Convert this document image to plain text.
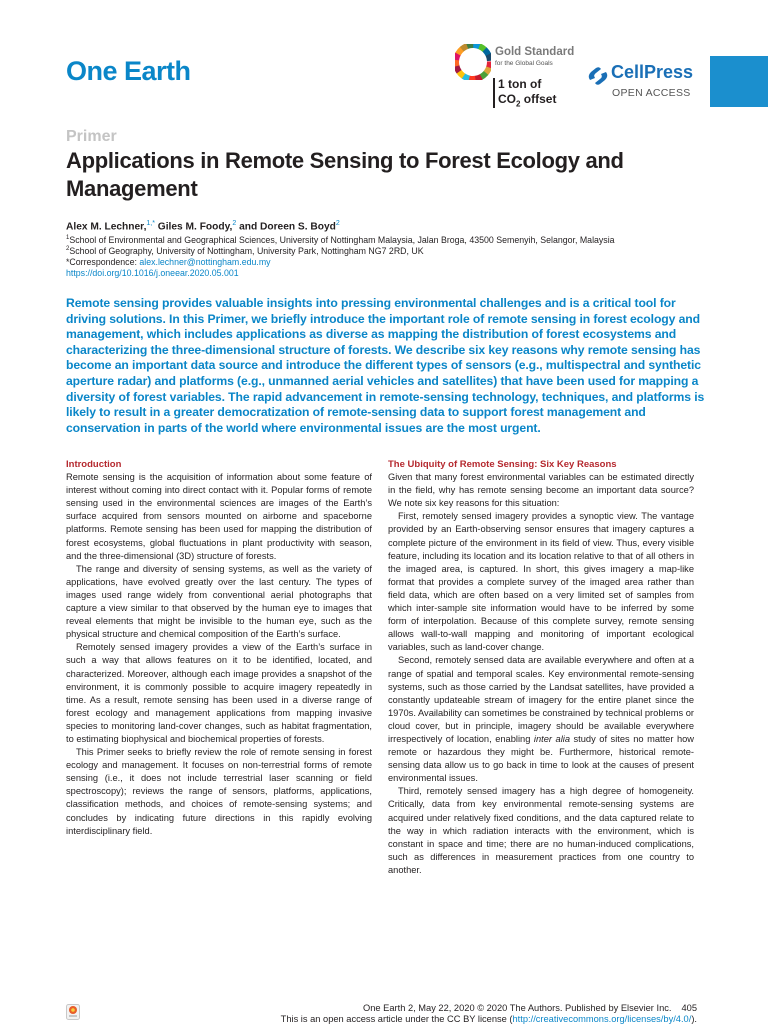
One Earth
Gold Standard
for the Global Goals
1 ton of
$CO_2$ offset
CellPress
OPEN ACCESS
Primer
Applications in Remote Sensing to Forest Ecology and Management
Alex M. Lechner,$^{1,*}$ Giles M. Foody,$^2$ and Doreen S. Boyd$^2$
$^1$School of Environmental and Geographical Sciences, University of Nottingham Malaysia, Jalan Broga, 43500 Semenyih, Selangor, Malaysia
$^2$School of Geography, University of Nottingham, University Park, Nottingham NG7 2RD, UK
*Correspondence: alex.lechner@nottingham.edu.my
https://doi.org/10.1016/j.oneear.2020.05.001
Remote sensing provides valuable insights into pressing environmental challenges and is a critical tool for driving solutions. In this Primer, we briefly introduce the important role of remote sensing in forest ecology and management, which includes applications as diverse as mapping the distribution of forest ecosystems and characterizing the three-dimensional structure of forests. We describe six key reasons why remote sensing has become an important data source and introduce the different types of sensors (e.g., multispectral and synthetic aperture radar) and platforms (e.g., unmanned aerial vehicles and satellites) that have been used for mapping a diversity of forest variables. The rapid advancement in remote-sensing technology, techniques, and platforms is likely to result in a greater democratization of remote-sensing data to support forest management and conservation in parts of the world where environmental issues are the most urgent.
Introduction

Remote sensing is the acquisition of information about some feature of interest without coming into direct contact with it. Popular forms of remote sensing used in the environmental sciences are images of the Earth’s surface acquired from sensors mounted on airborne and spaceborne platforms. Remote sensing has been used for mapping the distribution of forest ecosystems, global fluctuations in plant productivity with season, and the three-dimensional (3D) structure of forests.

The range and diversity of sensing systems, as well as the variety of applications, have evolved greatly over the last century. The types of images used range widely from conventional aerial photographs that capture a view similar to that observed by the human eye to images that reveal elements that might be invisible to the human eye, such as the physical structure and chemical composition of the Earth’s surface.

Remotely sensed imagery provides a view of the Earth’s surface in such a way that allows features on it to be identified, located, and characterized. Moreover, although each image provides a snapshot of the environment, it is commonly possible to acquire imagery repeatedly in time. As a result, remote sensing has been used in a diverse range of forest ecology and management applications from mapping invasive species to monitoring land-cover changes, such as habitat fragmentation, to estimating biophysical and biochemical properties of forests.

This Primer seeks to briefly review the role of remote sensing in forest ecology and management. It focuses on non-terrestrial forms of remote sensing (i.e., it does not include terrestrial laser scanning or field spectroscopy); reviews the range of sensors, platforms, applications, classification methods, and choices of remote-sensing systems; and concludes by indicating future directions in this rapidly evolving interdisciplinary field.

The Ubiquity of Remote Sensing: Six Key Reasons

Given that many forest environmental variables can be estimated directly in the field, why has remote sensing become an important data source? We note six key reasons for this situation:

First, remotely sensed imagery provides a synoptic view. The vantage provided by an Earth-observing sensor ensures that imagery captures a complete picture of the environment in its field of view. Thus, every visible feature, including its location and its location relative to that of all others in the imaged area, is captured. In short, this gives imagery a map-like format that provides a complete survey of the imaged area rather than field data, which are often based on a very limited set of samples from which inter-sample site information would have to be inferred by some form of interpolation. Because of this complete survey, remote sensing allows wall-to-wall mapping and monitoring of important ecological variables, such as land-cover change.

Second, remotely sensed data are available everywhere and often at a range of spatial and temporal scales. Key environmental remote-sensing systems, such as those carried by the Landsat satellites, have provided a constantly updateable stream of imagery for the entire planet since the 1970s. Availability can sometimes be constrained by technical problems or cloud cover, but in principle, imagery should be available everywhere irrespectively of location, enabling inter alia study of sites no matter how remote or hazardous they might be. Furthermore, historical remote-sensing data allow us to go back in time to look at the causes of present environmental issues.

Third, remotely sensed imagery has a high degree of homogeneity. Critically, data from key environmental remote-sensing systems are acquired under relatively fixed conditions, and the data captured relate to the way in which radiation interacts with the environment, which is constant in space and time; there are no human-induced complications, such as differences in measurement practices from one country to another.

One Earth 2, May 22, 2020 © 2020 The Authors. Published by Elsevier Inc. 405
This is an open access article under the CC BY license (http://creativecommons.org/licenses/by/4.0/).
